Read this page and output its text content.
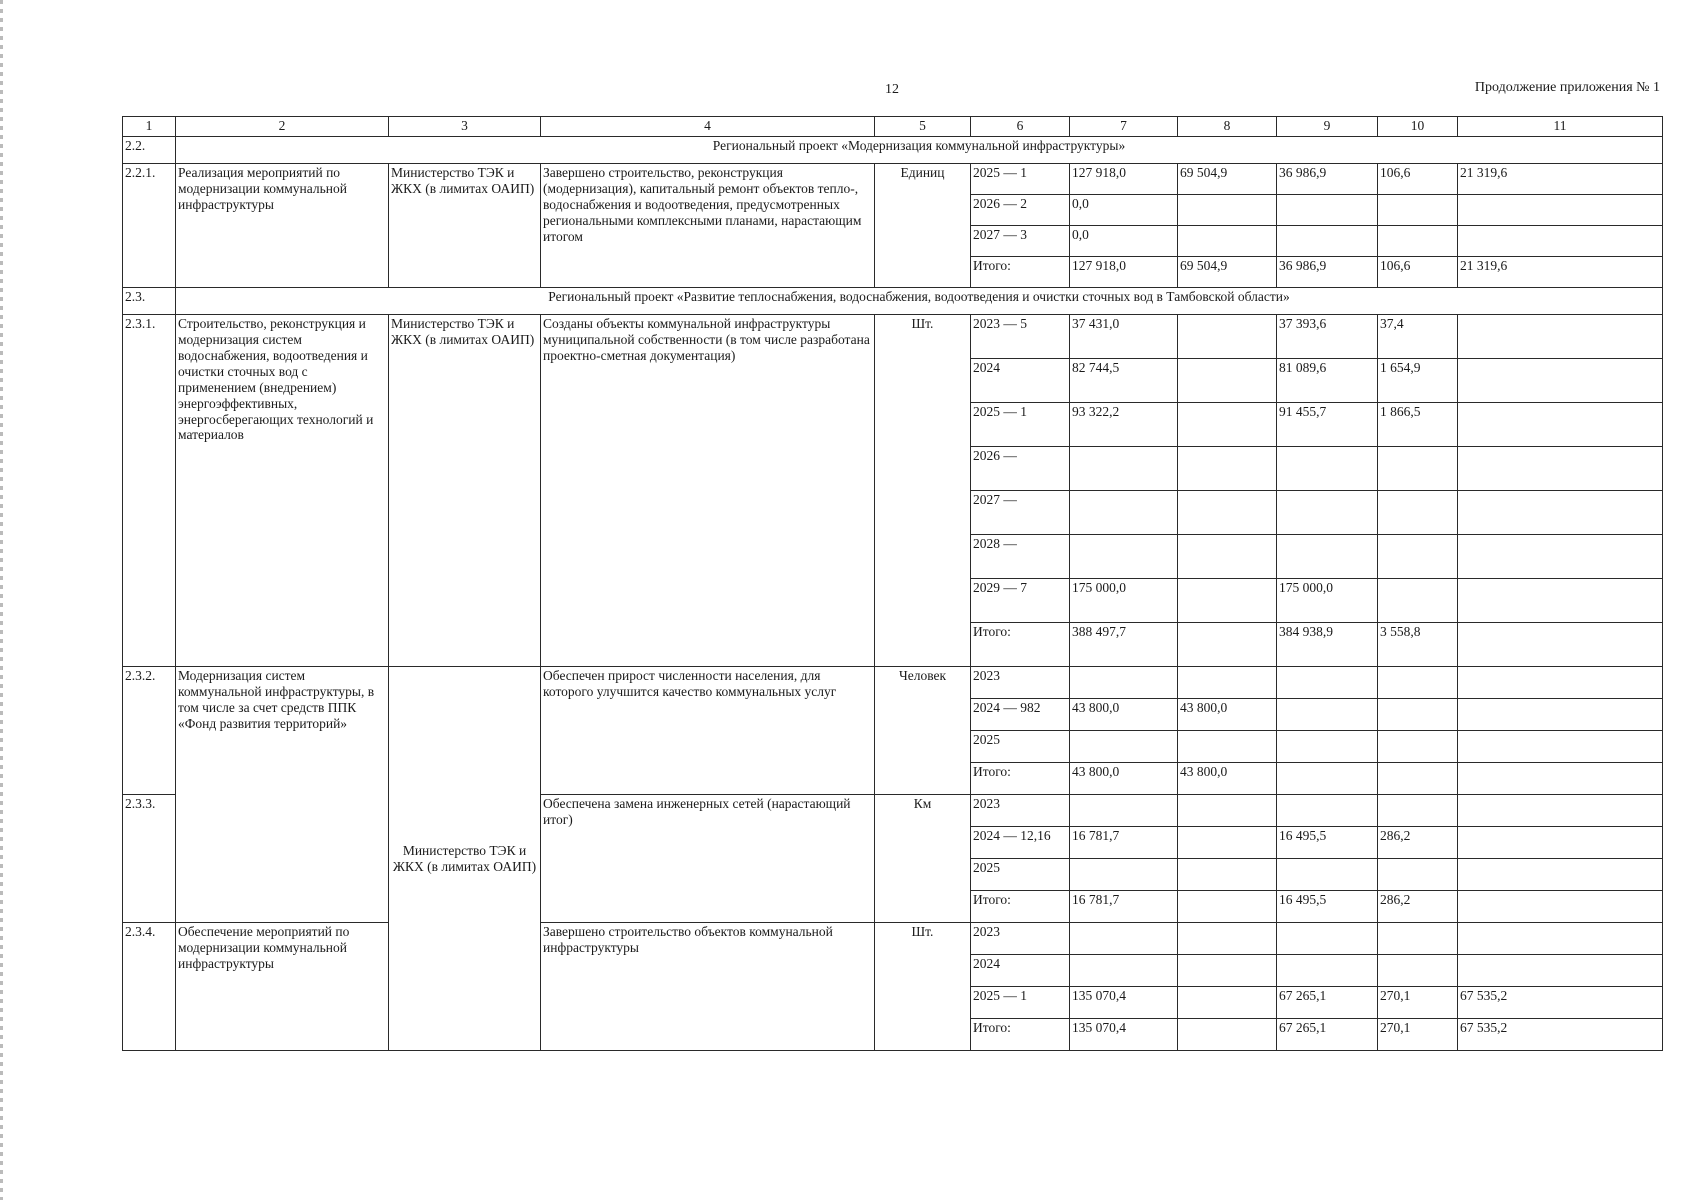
12	Продолжение приложения № 1
1	2	3	4	5	6	7	8	9	10	11
2.2.	Региональный проект «Модернизация коммунальной инфраструктуры»									
2.2.1.	Реализация мероприятий по модернизации коммунальной инфраструктуры	Министерство ТЭК и ЖКХ (в лимитах ОАИП)	Завершено строительство, реконструкция (модернизация), капитальный ремонт объектов тепло-, водоснабжения и водоотведения, предусмотренных региональными комплексными планами, нарастающим итогом	Единиц	2025 — 1	127 918,0	69 504,9	36 986,9	106,6	21 319,6
					2026 — 2	0,0				
					2027 — 3	0,0				
					Итого:	127 918,0	69 504,9	36 986,9	106,6	21 319,6
2.3.	Региональный проект «Развитие теплоснабжения, водоснабжения, водоотведения и очистки сточных вод в Тамбовской области»									
2.3.1.	Строительство, реконструкция и модернизация систем водоснабжения, водоотведения и очистки сточных вод с применением (внедрением) энергоэффективных, энергосберегающих технологий и материалов	Министерство ТЭК и ЖКХ (в лимитах ОАИП)	Созданы объекты коммунальной инфраструктуры муниципальной собственности (в том числе разработана проектно-сметная документация)	Шт.	2023 — 5	37 431,0		37 393,6	37,4	
					2024	82 744,5		81 089,6	1 654,9	
					2025 — 1	93 322,2		91 455,7	1 866,5	
					2026 —					
					2027 —					
					2028 —					
					2029 — 7	175 000,0		175 000,0		
					Итого:	388 497,7		384 938,9	3 558,8	
2.3.2.	Модернизация систем коммунальной инфраструктуры, в том числе за счет средств ППК «Фонд развития территорий»	Министерство ТЭК и ЖКХ (в лимитах ОАИП)	Обеспечен прирост численности населения, для которого улучшится качество коммунальных услуг	Человек	2023					
					2024 — 982	43 800,0	43 800,0			
					2025					
					Итого:	43 800,0	43 800,0			
2.3.3.			Обеспечена замена инженерных сетей (нарастающий итог)	Км	2023					
					2024 — 12,16	16 781,7		16 495,5	286,2	
					2025					
					Итого:	16 781,7		16 495,5	286,2	
2.3.4.	Обеспечение мероприятий по модернизации коммунальной инфраструктуры		Завершено строительство объектов коммунальной инфраструктуры	Шт.	2023					
					2024					
					2025 — 1	135 070,4		67 265,1	270,1	67 535,2
					Итого:	135 070,4		67 265,1	270,1	67 535,2
